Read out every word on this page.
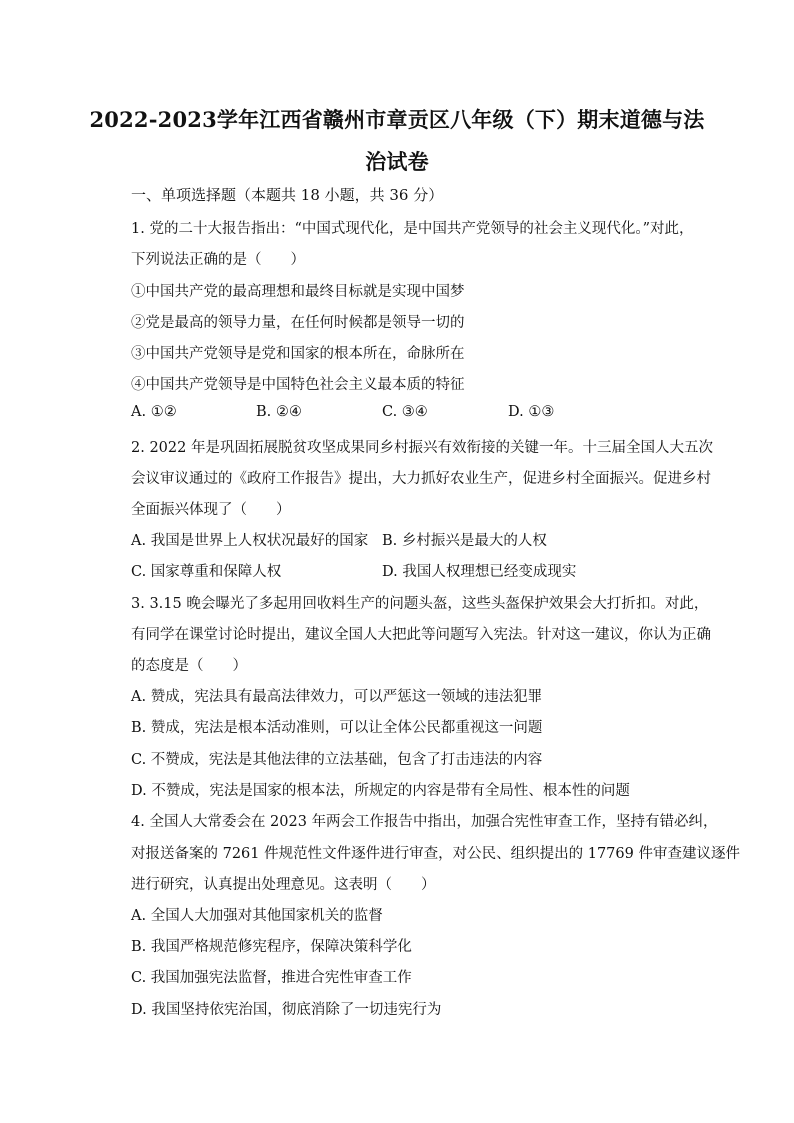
2022-2023学年江西省赣州市章贡区八年级（下）期末道德与法
治试卷
一、单项选择题（本题共 18 小题，共 36 分）
1. 党的二十大报告指出：“中国式现代化，是中国共产党领导的社会主义现代化。”对此，
下列说法正确的是（　　）
①中国共产党的最高理想和最终目标就是实现中国梦
②党是最高的领导力量，在任何时候都是领导一切的
③中国共产党领导是党和国家的根本所在，命脉所在
④中国共产党领导是中国特色社会主义最本质的特征
A. ①②	B. ②④	C. ③④	D. ①③
2. 2022 年是巩固拓展脱贫攻坚成果同乡村振兴有效衔接的关键一年。十三届全国人大五次
会议审议通过的《政府工作报告》提出，大力抓好农业生产，促进乡村全面振兴。促进乡村
全面振兴体现了（　　）
A. 我国是世界上人权状况最好的国家 B. 乡村振兴是最大的人权
C. 国家尊重和保障人权	D. 我国人权理想已经变成现实
3. 3.15 晚会曝光了多起用回收料生产的问题头盔，这些头盔保护效果会大打折扣。对此，
有同学在课堂讨论时提出，建议全国人大把此等问题写入宪法。针对这一建议，你认为正确
的态度是（　　）
A. 赞成，宪法具有最高法律效力，可以严惩这一领域的违法犯罪
B. 赞成，宪法是根本活动准则，可以让全体公民都重视这一问题
C. 不赞成，宪法是其他法律的立法基础，包含了打击违法的内容
D. 不赞成，宪法是国家的根本法，所规定的内容是带有全局性、根本性的问题
4. 全国人大常委会在 2023 年两会工作报告中指出，加强合宪性审查工作，坚持有错必纠，
对报送备案的 7261 件规范性文件逐件进行审查，对公民、组织提出的 17769 件审查建议逐件
进行研究，认真提出处理意见。这表明（　　）
A. 全国人大加强对其他国家机关的监督
B. 我国严格规范修宪程序，保障决策科学化
C. 我国加强宪法监督，推进合宪性审查工作
D. 我国坚持依宪治国，彻底消除了一切违宪行为
